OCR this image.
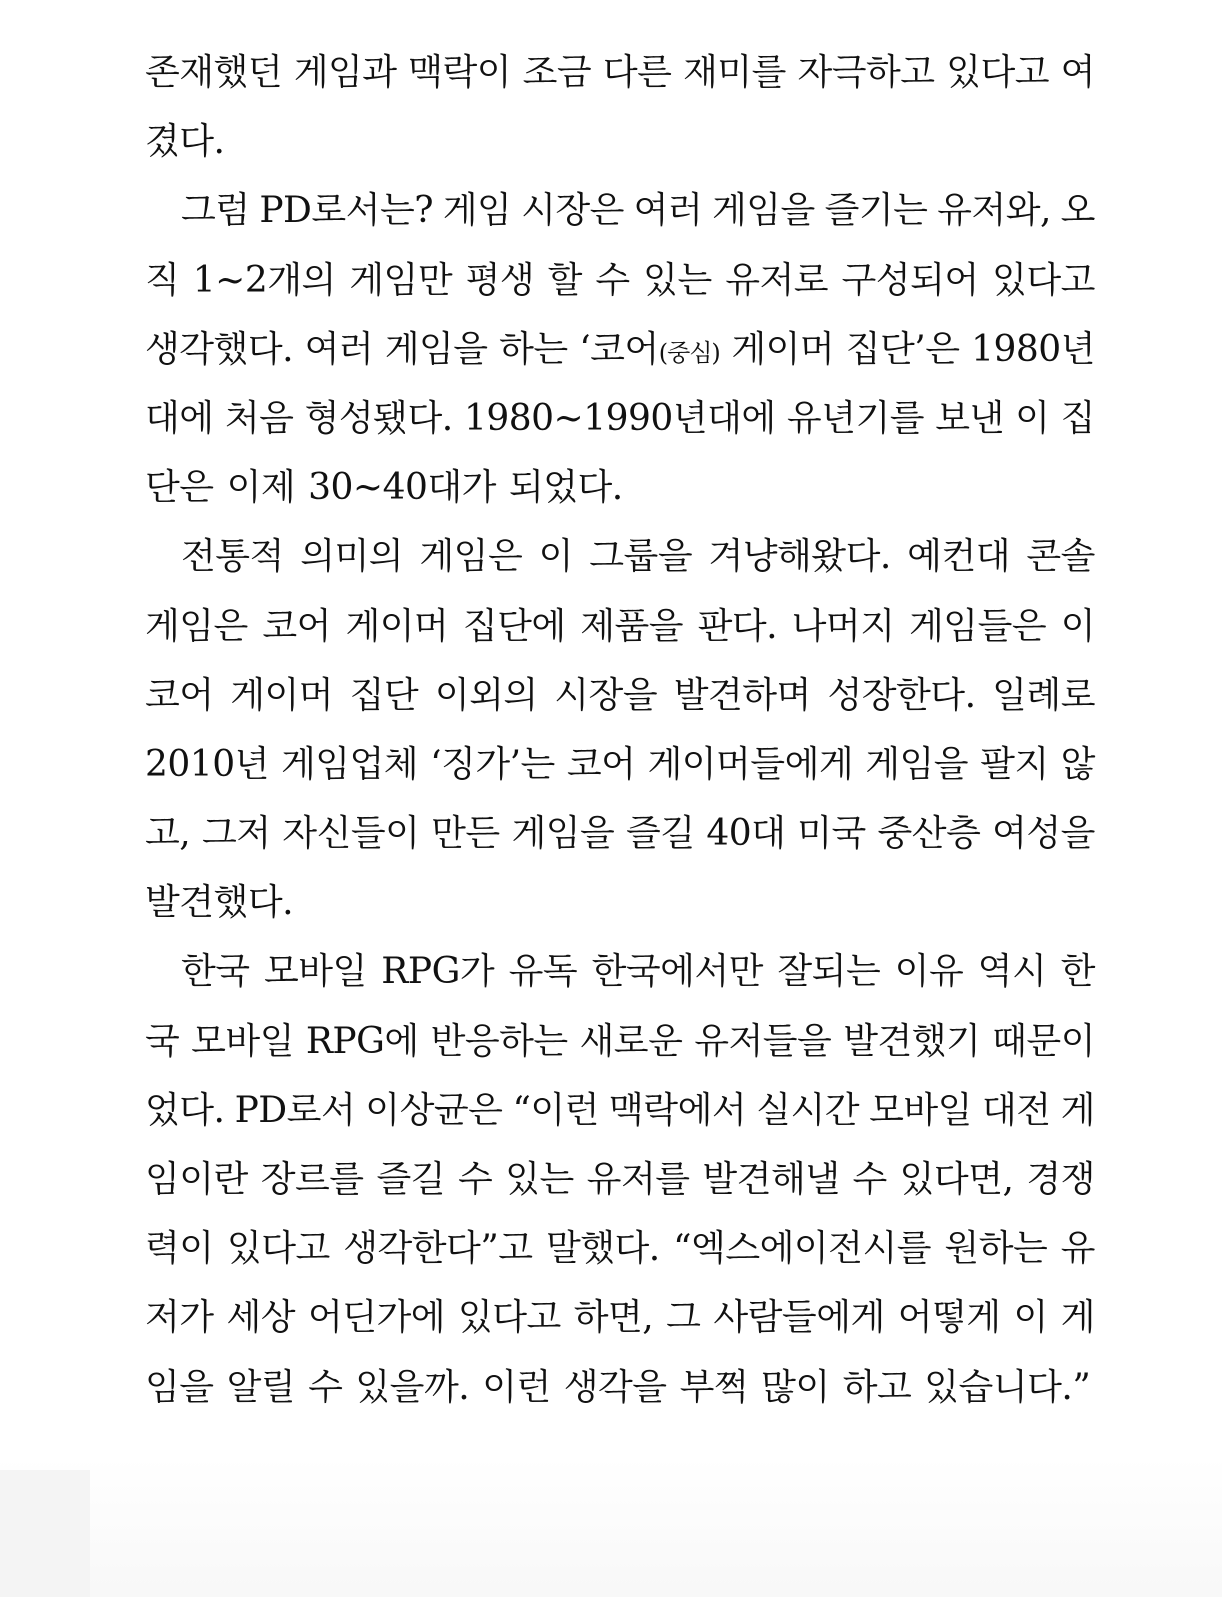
존재했던 게임과 맥락이 조금 다른 재미를 자극하고 있다고 여
겼다.
그럼 PD로서는? 게임 시장은 여러 게임을 즐기는 유저와, 오
직 1~2개의 게임만 평생 할 수 있는 유저로 구성되어 있다고
생각했다. 여러 게임을 하는 ‘코어(중심) 게이머 집단’은 1980년
대에 처음 형성됐다. 1980~1990년대에 유년기를 보낸 이 집
단은 이제 30~40대가 되었다.
전통적 의미의 게임은 이 그룹을 겨냥해왔다. 예컨대 콘솔
게임은 코어 게이머 집단에 제품을 판다. 나머지 게임들은 이
코어 게이머 집단 이외의 시장을 발견하며 성장한다. 일례로
2010년 게임업체 ‘징가’는 코어 게이머들에게 게임을 팔지 않
고, 그저 자신들이 만든 게임을 즐길 40대 미국 중산층 여성을
발견했다.
한국 모바일 RPG가 유독 한국에서만 잘되는 이유 역시 한
국 모바일 RPG에 반응하는 새로운 유저들을 발견했기 때문이
었다. PD로서 이상균은 “이런 맥락에서 실시간 모바일 대전 게
임이란 장르를 즐길 수 있는 유저를 발견해낼 수 있다면, 경쟁
력이 있다고 생각한다”고 말했다. “엑스에이전시를 원하는 유
저가 세상 어딘가에 있다고 하면, 그 사람들에게 어떻게 이 게
임을 알릴 수 있을까. 이런 생각을 부쩍 많이 하고 있습니다.”
